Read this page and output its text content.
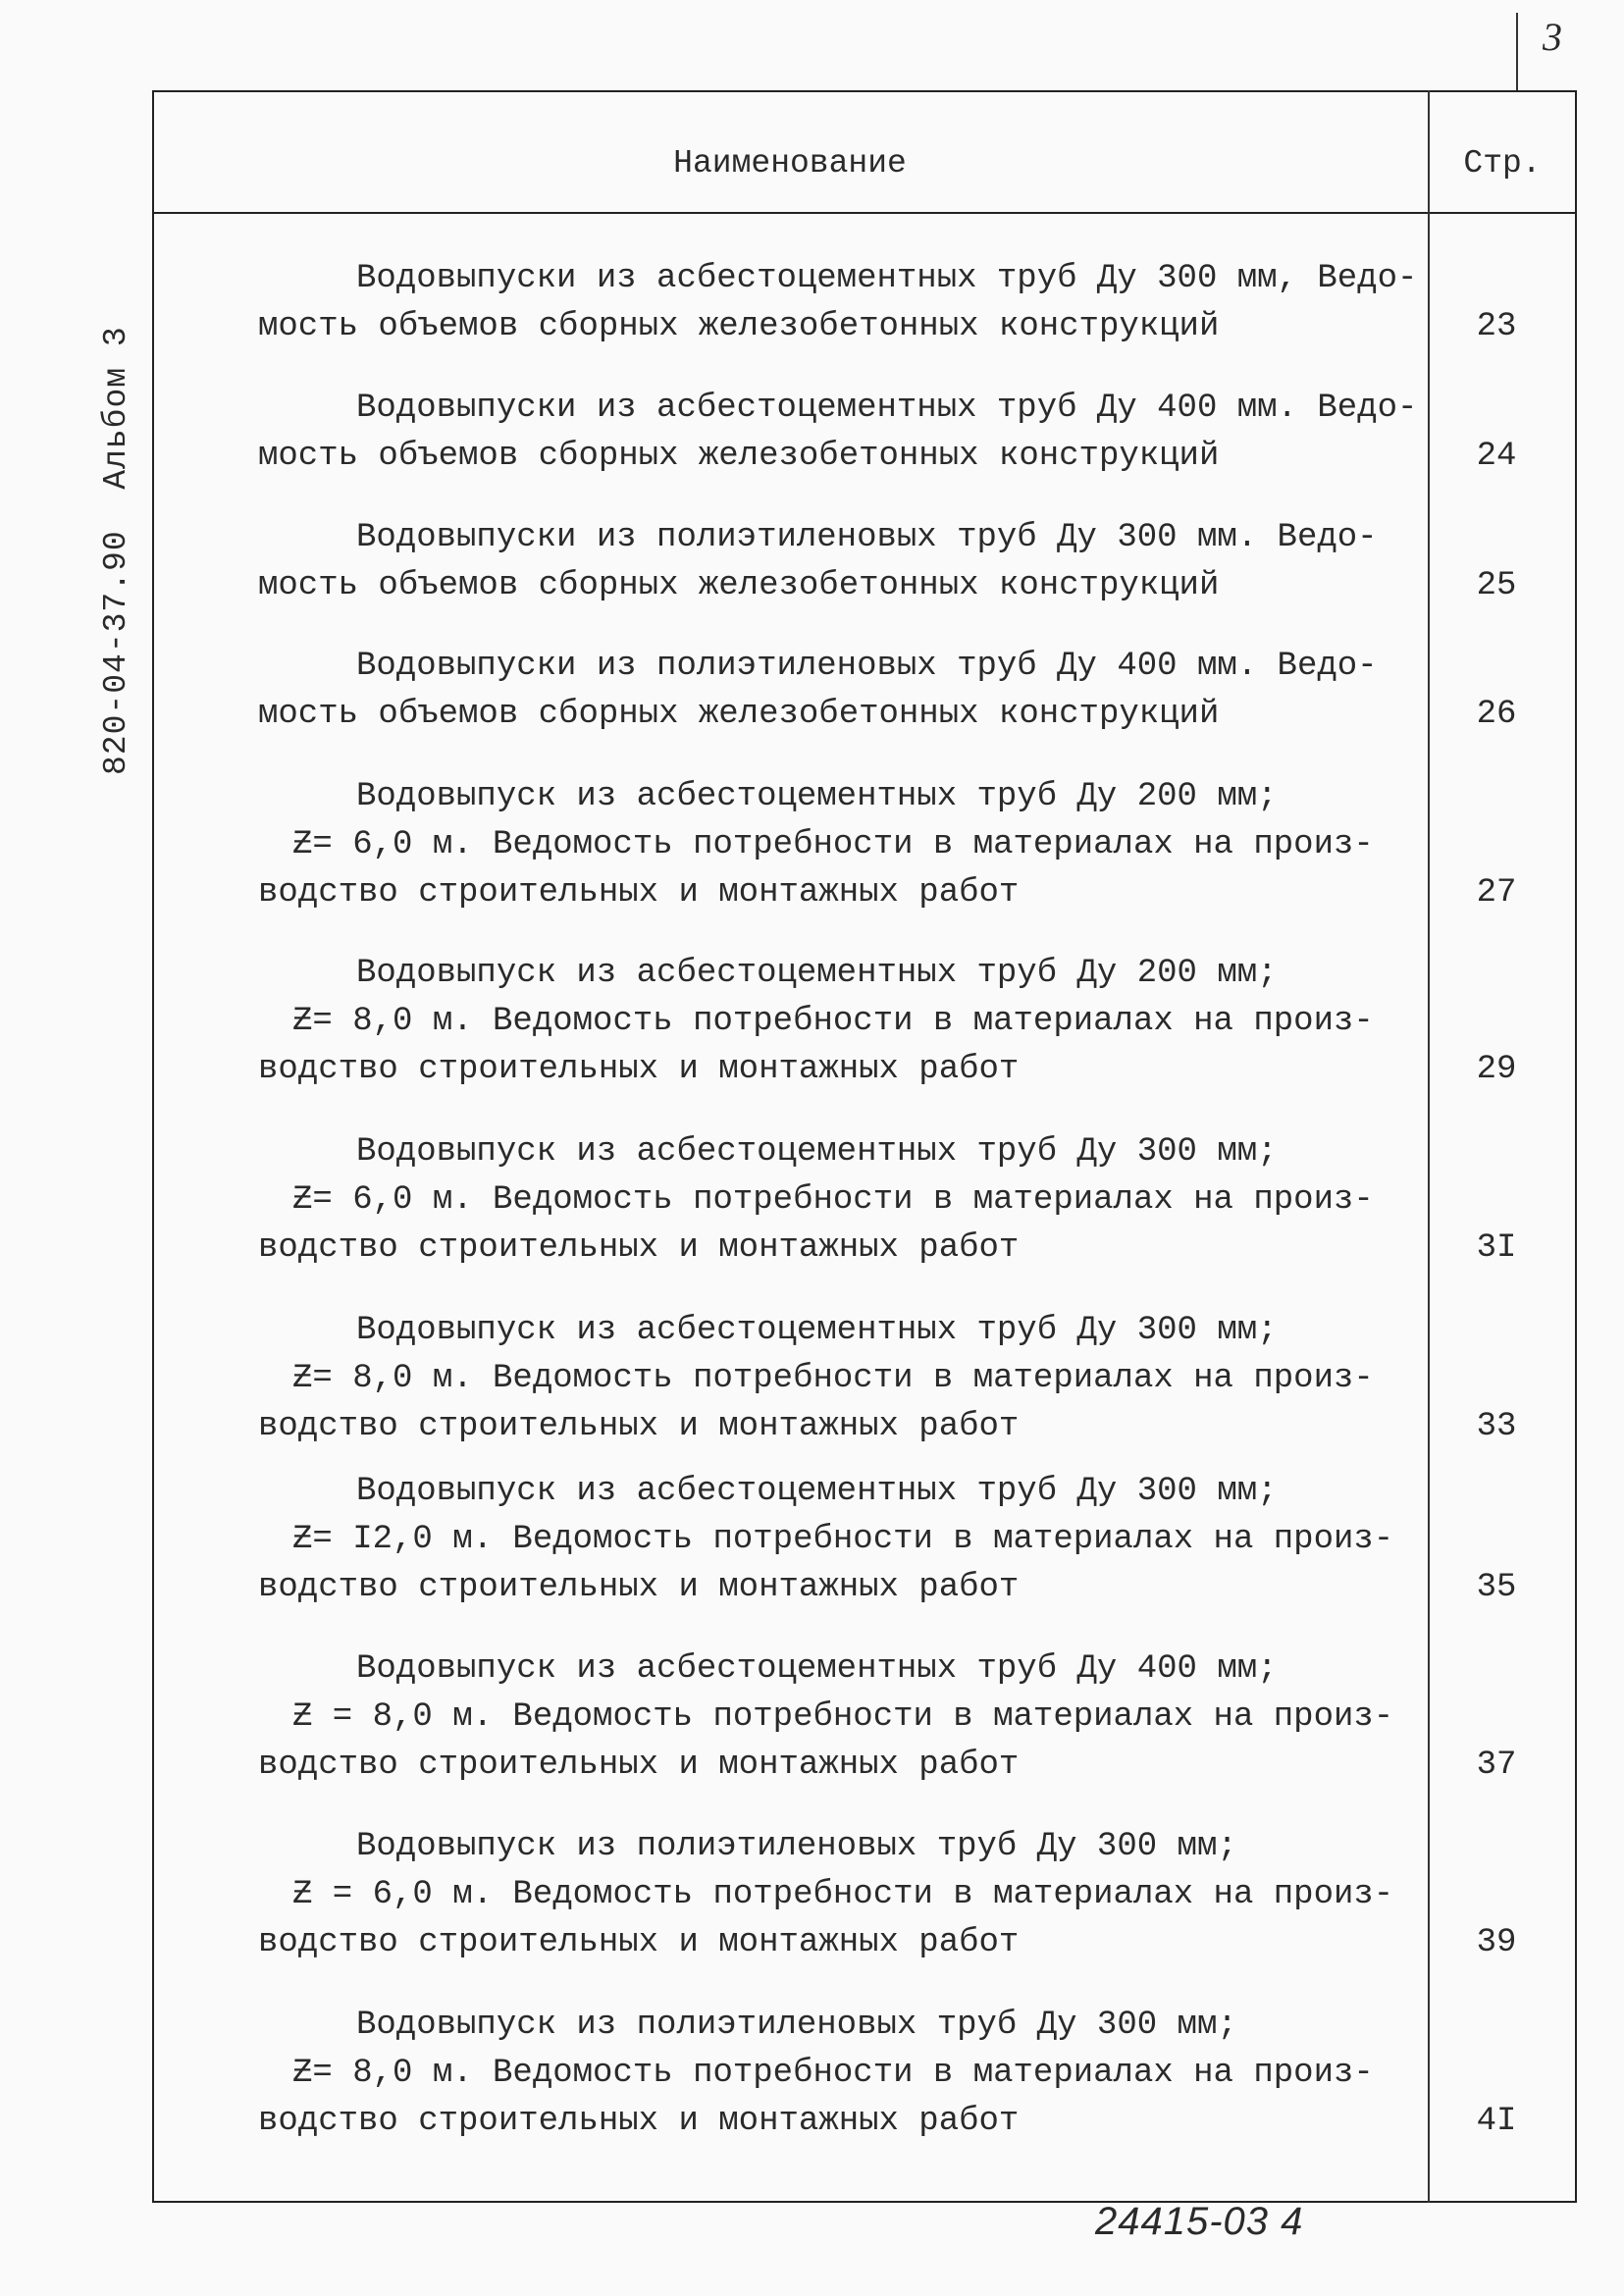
3
Наименование	Стр.
820-04-37.90  Альбом 3
24415-03 4
Водовыпуски из асбестоцементных труб Ду 300 мм, Ведо-
мость объемов сборных железобетонных конструкций	23
Водовыпуски из асбестоцементных труб Ду 400 мм. Ведо-
мость объемов сборных железобетонных конструкций	24
Водовыпуски из полиэтиленовых труб Ду 300 мм. Ведо-
мость объемов сборных железобетонных конструкций	25
Водовыпуски из полиэтиленовых труб Ду 400 мм. Ведо-
мость объемов сборных железобетонных конструкций	26
Водовыпуск из асбестоцементных труб Ду 200 мм;
Ƶ= 6,0 м. Ведомость потребности в материалах на произ-
водство строительных и монтажных работ	27
Водовыпуск из асбестоцементных труб Ду 200 мм;
Ƶ= 8,0 м. Ведомость потребности в материалах на произ-
водство строительных и монтажных работ	29
Водовыпуск из асбестоцементных труб Ду 300 мм;
Ƶ= 6,0 м. Ведомость потребности в материалах на произ-
водство строительных и монтажных работ	3I
Водовыпуск из асбестоцементных труб Ду 300 мм;
Ƶ= 8,0 м. Ведомость потребности в материалах на произ-
водство строительных и монтажных работ	33
Водовыпуск из асбестоцементных труб Ду 300 мм;
Ƶ= I2,0 м. Ведомость потребности в материалах на произ-
водство строительных и монтажных работ	35
Водовыпуск из асбестоцементных труб Ду 400 мм;
Ƶ = 8,0 м. Ведомость потребности в материалах на произ-
водство строительных и монтажных работ	37
Водовыпуск из полиэтиленовых труб Ду 300 мм;
Ƶ = 6,0 м. Ведомость потребности в материалах на произ-
водство строительных и монтажных работ	39
Водовыпуск из полиэтиленовых труб Ду 300 мм;
Ƶ= 8,0 м. Ведомость потребности в материалах на произ-
водство строительных и монтажных работ	4I
